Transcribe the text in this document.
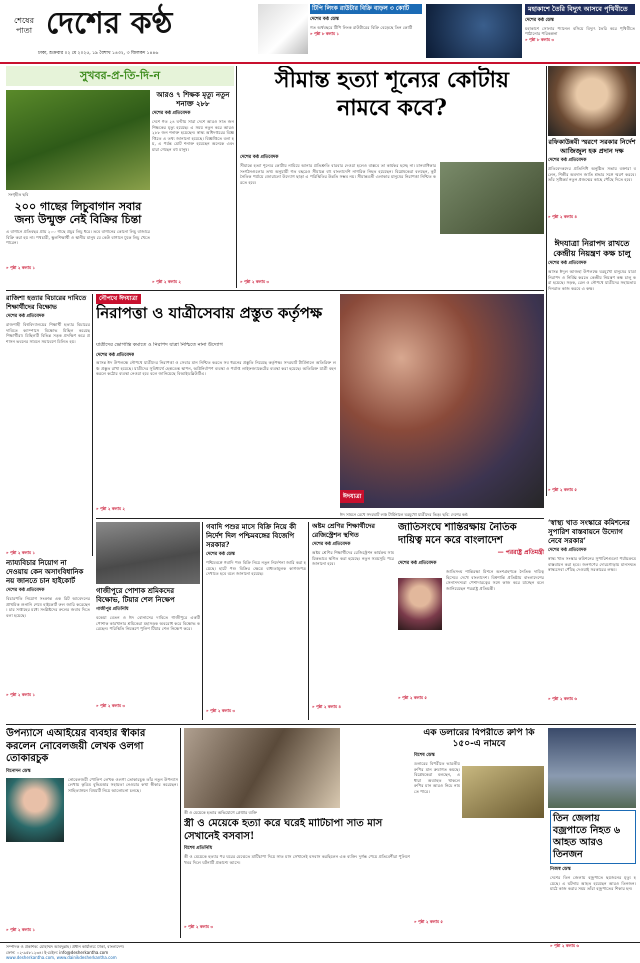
শেষের পাতা দেশের কণ্ঠ
ঢাকা, শুক্রবার ০২ মে ২০২৫, ১৯ বৈশাখ ১৪৩২, ৩ জিলকদ ১৪৪৬
টিপি লিংক রাউটার বিক্রি বাড়ল ৩ কোটি
দেশের কণ্ঠ ডেস্ক
গত অর্থবছরে টিপি লিংক রাউটারের বিক্রি বেড়েছে তিন কোটি
» পৃষ্ঠা ৮ কলাম ১
মহাকাশে তৈরি বিদ্যুৎ আসবে পৃথিবীতে
দেশের কণ্ঠ ডেস্ক
মহাকাশে সোলার প্যানেল বসিয়ে বিদ্যুৎ তৈরি করে পৃথিবীতে পাঠানোর পরিকল্পনা
» পৃষ্ঠা ৮ কলাম ৩
সুখবর-প্র-তি-দি-ন
সংগৃহীত ছবি
আরও ৭ শিক্ষক মৃত্যু নতুন শনাক্ত ২৮৮
দেশের কণ্ঠ প্রতিবেদক
দেশে গত ২৪ ঘণ্টায় সারা দেশে আরও সাত জন শিক্ষকের মৃত্যু হয়েছে। এ সময় নতুন করে আরও ২৮৮ জন শনাক্ত হয়েছেন। স্বাস্থ্য অধিদপ্তরের বিজ্ঞপ্তিতে এ তথ্য জানানো হয়েছে। বিজ্ঞপ্তিতে বলা হয়, এ পর্যন্ত মোট শনাক্ত হয়েছেন অনেকে এবং মারা গেছেন বহু মানুষ।
» পৃষ্ঠা ২ কলাম ২
২০০ গাছের লিচুবাগান সবার জন্য উন্মুক্ত নেই বিক্রির চিন্তা
এ বাগানে প্রতিবছর প্রায় ২০০ গাছে প্রচুর লিচু ধরে। তবে বাগানের কোনো লিচু বাজারে বিক্রি করা হয় না। পথচারী, স্কুলশিক্ষার্থী ও স্থানীয় মানুষ যে কেউ বাগানে ঢুকে লিচু খেতে পারেন।
» পৃষ্ঠা ২ কলাম ১
সীমান্ত হত্যা শূন্যের কোটায় নামবে কবে?
দেশের কণ্ঠ প্রতিবেদক
সীমান্তে হত্যা শূন্যের কোটায় নামিয়ে আনার প্রতিশ্রুতি বারবার দেওয়া হলেও বাস্তবে তা কার্যকর হচ্ছে না। মানবাধিকার সংগঠনগুলোর তথ্য অনুযায়ী গত বছরেও সীমান্তে বহু বাংলাদেশি নাগরিক নিহত হয়েছেন। বিশ্লেষকেরা বলছেন, কূটনৈতিক পর্যায়ে জোরালো উদ্যোগ ছাড়া এ পরিস্থিতির উন্নতি সম্ভব নয়। সীমান্তবর্তী এলাকার মানুষের নিরাপত্তা নিশ্চিত করতে হবে।
» পৃষ্ঠা ২ কলাম ৩
রফিকাউন্নবী স্মরণে সরকার নির্দেশ আজিজুল হক প্রদান দক্ষ
দেশের কণ্ঠ প্রতিবেদক
প্রতিবেদকদের প্রতিনিধি অনুষ্ঠিত সভায় বক্তারা বলেন, শিল্পীর অবদান জাতি শ্রদ্ধার সঙ্গে স্মরণ করবে। তাঁর সৃষ্টিকর্ম নতুন প্রজন্মের কাছে পৌঁছে দিতে হবে।
» পৃষ্ঠা ২ কলাম ৪
ঈদযাত্রা নিরাপদ রাখতে কেন্দ্রীয় নিয়ন্ত্রণ কক্ষ চালু
দেশের কণ্ঠ প্রতিবেদক
আসন্ন ঈদুল আজহা উপলক্ষে ঘরমুখো মানুষের যাত্রা নিরাপদ ও নির্বিঘ্ন করতে কেন্দ্রীয় নিয়ন্ত্রণ কক্ষ চালু করা হয়েছে। সড়ক, রেল ও নৌপথে যাত্রীদের সহায়তায় দিনরাত কাজ করবে এ কক্ষ।
» পৃষ্ঠা ২ কলাম ৫
রাজিশা হত্যার বিচারের দাবিতে শিক্ষার্থীদের বিক্ষোভ
দেশের কণ্ঠ প্রতিবেদক
রাজশাহী বিশ্ববিদ্যালয়ের শিক্ষার্থী হত্যার বিচারের দাবিতে ক্যাম্পাসে বিক্ষোভ মিছিল করেছে শিক্ষার্থীরা। মিছিলটি বিভিন্ন সড়ক প্রদক্ষিণ করে প্রশাসন ভবনের সামনে সমাবেশে মিলিত হয়।
» পৃষ্ঠা ২ কলাম ১
নৌপথে ঈদযাত্রা
নিরাপত্তা ও যাত্রীসেবায় প্রস্তুত কর্তৃপক্ষ
যাত্রীদের ভোগান্তি কমাতে ও নিরাপদ যাত্রা নিশ্চিতে নানা উদ্যোগ
দেশের কণ্ঠ প্রতিবেদক
আসন্ন ঈদ উপলক্ষে নৌপথে যাত্রীদের নিরাপত্তা ও সেবার মান নিশ্চিত করতে সব ধরনের প্রস্তুতি নিয়েছে কর্তৃপক্ষ। সদরঘাট টার্মিনালে অতিরিক্ত লঞ্চ প্রস্তুত রাখা হয়েছে। যাত্রীদের সুবিধার্থে হেল্পডেস্ক স্থাপন, অগ্নিনির্বাপণ ব্যবস্থা ও পর্যাপ্ত লাইফজ্যাকেটের ব্যবস্থা করা হয়েছে। অতিরিক্ত যাত্রী বহন করলে কঠোর ব্যবস্থা নেওয়া হবে বলে জানিয়েছে বিআইডব্লিউটিএ।
» পৃষ্ঠা ২ কলাম ২
ঈদযাত্রা
ঈদ সামনে রেখে সদরঘাট লঞ্চ টার্মিনালে ঘরমুখো যাত্রীদের ভিড়। ছবি: দেশের কণ্ঠ
ন্যায্যবিচার নিয়োগ না দেওয়ায় কেন অসাংবিধানিক নয় জানতে চান হাইকোর্ট
দেশের কণ্ঠ প্রতিবেদক
বিচারপতি নিয়োগ সংক্রান্ত এক রিট আবেদনের প্রাথমিক শুনানি শেষে হাইকোর্ট রুল জারি করেছেন। চার সপ্তাহের মধ্যে সংশ্লিষ্টদের রুলের জবাব দিতে বলা হয়েছে।
» পৃষ্ঠা ২ কলাম ১
গাজীপুরে পোশাক শ্রমিকদের বিক্ষোভ, টিয়ার শেল নিক্ষেপ
গাজীপুর প্রতিনিধি
বকেয়া বেতন ও ঈদ বোনাসের দাবিতে গাজীপুরে একটি পোশাক কারখানার শ্রমিকেরা মহাসড়ক অবরোধ করে বিক্ষোভ করেছেন। পরিস্থিতি নিয়ন্ত্রণে পুলিশ টিয়ার শেল নিক্ষেপ করে।
» পৃষ্ঠা ২ কলাম ৩
গবাদি পশুর মাসে বিক্রি নিয়ে কী নির্দেশ দিল পশ্চিমবঙ্গের বিজেপি সরকার?
দেশের কণ্ঠ ডেস্ক
পশ্চিমবঙ্গে গবাদি পশু বিক্রি নিয়ে নতুন নির্দেশনা জারি করা হয়েছে। হাটে পশু বিক্রির ক্ষেত্রে বাধ্যতামূলক কাগজপত্র দেখাতে হবে বলে জানানো হয়েছে।
» পৃষ্ঠা ২ কলাম ৩
অষ্টম শ্রেণির শিক্ষার্থীদের রেজিস্ট্রেশন স্থগিত
দেশের কণ্ঠ প্রতিবেদক
অষ্টম শ্রেণির শিক্ষার্থীদের রেজিস্ট্রেশন কার্যক্রম সাময়িকভাবে স্থগিত করা হয়েছে। নতুন সময়সূচি পরে জানানো হবে।
» পৃষ্ঠা ২ কলাম ৪
জাতিসংঘে শান্তিরক্ষায় নৈতিক দায়িত্ব মনে করে বাংলাদেশ
— পররাষ্ট্র প্রতিমন্ত্রী
দেশের কণ্ঠ প্রতিবেদক
জাতিসংঘ শান্তিরক্ষা মিশনে অংশগ্রহণকে নৈতিক দায়িত্ব হিসেবে দেখে বাংলাদেশ। বিশ্বশান্তি প্রতিষ্ঠায় বাংলাদেশের সেনাসদস্যরা পেশাদারত্বের সঙ্গে কাজ করে যাচ্ছেন বলে জানিয়েছেন পররাষ্ট্র প্রতিমন্ত্রী।
» পৃষ্ঠা ২ কলাম ৫
‘স্বাস্থ্য খাত সংস্কারে কমিশনের সুপারিশ বাস্তবায়নে উদ্যোগ নেবে সরকার’
দেশের কণ্ঠ প্রতিবেদক
স্বাস্থ্য খাত সংস্কার কমিশনের সুপারিশগুলো পর্যায়ক্রমে বাস্তবায়ন করা হবে। জনগণের দোরগোড়ায় মানসম্মত স্বাস্থ্যসেবা পৌঁছে দেওয়াই সরকারের লক্ষ্য।
» পৃষ্ঠা ২ কলাম ৬
উপন্যাসে এআইয়ের ব্যবহার স্বীকার করলেন নোবেলজয়ী লেখক ওলগা তোকারচুক
বিনোদন ডেস্ক
নোবেলজয়ী পোলিশ লেখক ওলগা তোকারচুক তাঁর নতুন উপন্যাস লেখায় কৃত্রিম বুদ্ধিমত্তার সহায়তা নেওয়ার কথা স্বীকার করেছেন। সাহিত্যাঙ্গনে বিষয়টি নিয়ে আলোচনা চলছে।
» পৃষ্ঠা ২ কলাম ১
স্ত্রী ও মেয়েকে হত্যার অভিযোগে গ্রেপ্তার ব্যক্তি
স্ত্রী ও মেয়েকে হত্যা করে ঘরেই মাটিচাপা সাত মাস সেখানেই বসবাস!
বিশেষ প্রতিনিধি
স্ত্রী ও মেয়েকে হত্যার পর ঘরের মেঝেতে মাটিচাপা দিয়ে সাত মাস সেখানেই বসবাস করছিলেন এক ব্যক্তি। দুর্গন্ধ পেয়ে প্রতিবেশীরা পুলিশে খবর দিলে ঘটনাটি প্রকাশ্যে আসে।
» পৃষ্ঠা ২ কলাম ৩
এক ডলারের বিপরীতে রুপি কি ১৫০-এ নামবে
বিশেষ ডেস্ক
ডলারের বিপরীতে ভারতীয় রুপির মান ক্রমাগত কমছে। বিশ্লেষকেরা বলছেন, এ ধারা অব্যাহত থাকলে রুপির মান আরও নিচে নামতে পারে।
» পৃষ্ঠা ২ কলাম ৫
তিন জেলায় বজ্রপাতে নিহত ৬ আহত আরও তিনজন
নিজস্ব ডেস্ক
দেশের তিন জেলায় বজ্রপাতে ছয়জনের মৃত্যু হয়েছে। এ ঘটনায় আহত হয়েছেন আরও তিনজন। মাঠে কাজ করার সময় তাঁরা বজ্রপাতের শিকার হন।
» পৃষ্ঠা ২ কলাম ৬
সম্পাদক ও প্রকাশক: মোহাম্মদ আবদুল্লাহ। প্রধান কার্যালয়: ঢাকা, বাংলাদেশ।
ফোন: ০২-৯৫৮১২৩৪। ই-মেইল: info@desherkantha.com
www.desherkantha.com, www.dainikdesherkantha.com
